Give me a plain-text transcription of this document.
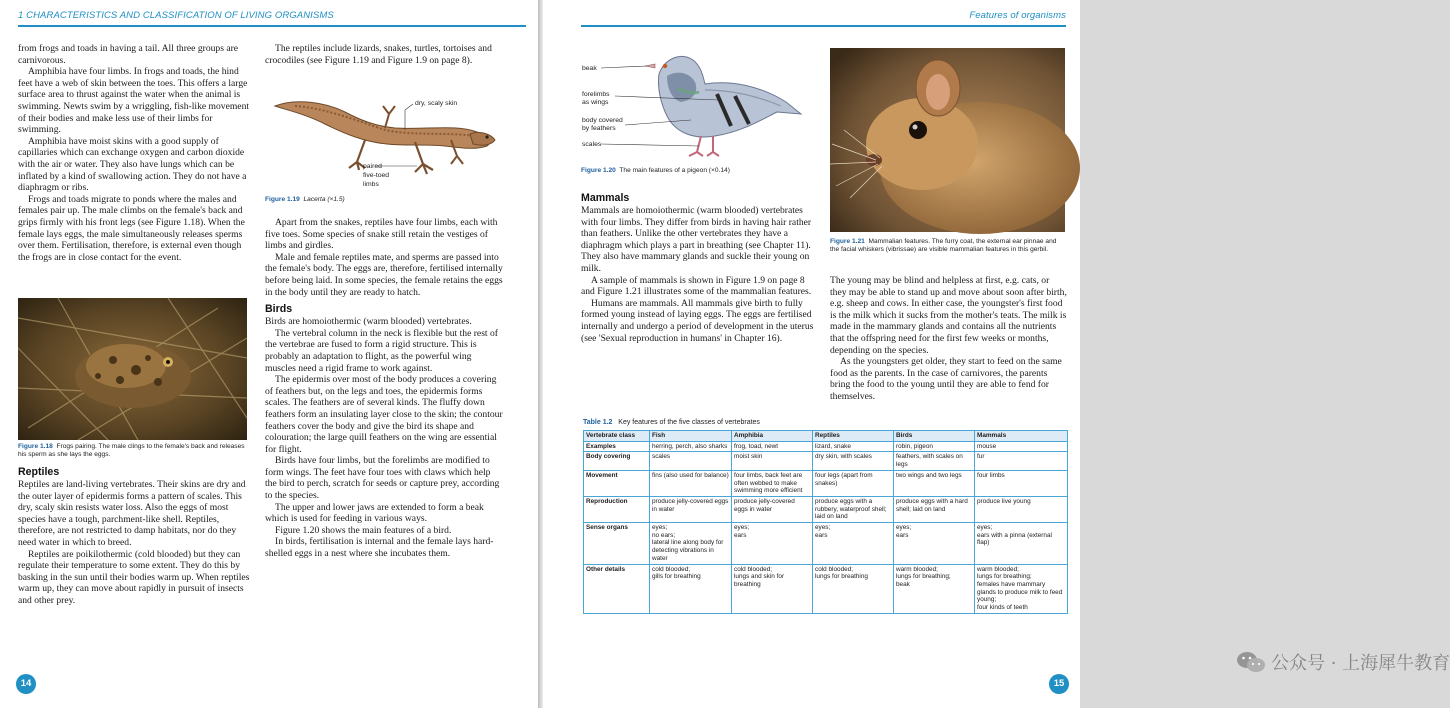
1 CHARACTERISTICS AND CLASSIFICATION OF LIVING ORGANISMS

from frogs and toads in having a tail. All three groups are carnivorous.

Amphibia have four limbs. In frogs and toads, the hind feet have a web of skin between the toes. This offers a large surface area to thrust against the water when the animal is swimming. Newts swim by a wriggling, fish-like movement of their bodies and make less use of their limbs for swimming.

Amphibia have moist skins with a good supply of capillaries which can exchange oxygen and carbon dioxide with the air or water. They also have lungs which can be inflated by a kind of swallowing action. They do not have a diaphragm or ribs.

Frogs and toads migrate to ponds where the males and females pair up. The male climbs on the female's back and grips firmly with his front legs (see Figure 1.18). When the female lays eggs, the male simultaneously releases sperms over them. Fertilisation, therefore, is external even though the frogs are in close contact for the event.

Figure 1.18 Frogs pairing. The male clings to the female's back and releases his sperm as she lays the eggs.
Reptiles

Reptiles are land-living vertebrates. Their skins are dry and the outer layer of epidermis forms a pattern of scales. This dry, scaly skin resists water loss. Also the eggs of most species have a tough, parchment-like shell. Reptiles, therefore, are not restricted to damp habitats, nor do they need water in which to breed.

Reptiles are poikilothermic (cold blooded) but they can regulate their temperature to some extent. They do this by basking in the sun until their bodies warm up. When reptiles warm up, they can move about rapidly in pursuit of insects and other prey.

The reptiles include lizards, snakes, turtles, tortoises and crocodiles (see Figure 1.19 and Figure 1.9 on page 8).

dry, scaly skin
paired
five-toed
limbs
Figure 1.19 Lacerta (×1.5)

Apart from the snakes, reptiles have four limbs, each with five toes. Some species of snake still retain the vestiges of limbs and girdles.

Male and female reptiles mate, and sperms are passed into the female's body. The eggs are, therefore, fertilised internally before being laid. In some species, the female retains the eggs in the body until they are ready to hatch.

Birds

Birds are homoiothermic (warm blooded) vertebrates.

The vertebral column in the neck is flexible but the rest of the vertebrae are fused to form a rigid structure. This is probably an adaptation to flight, as the powerful wing muscles need a rigid frame to work against.

The epidermis over most of the body produces a covering of feathers but, on the legs and toes, the epidermis forms scales. The feathers are of several kinds. The fluffy down feathers form an insulating layer close to the skin; the contour feathers cover the body and give the bird its shape and colouration; the large quill feathers on the wing are essential for flight.

Birds have four limbs, but the forelimbs are modified to form wings. The feet have four toes with claws which help the bird to perch, scratch for seeds or capture prey, according to the species.

The upper and lower jaws are extended to form a beak which is used for feeding in various ways.

Figure 1.20 shows the main features of a bird.

In birds, fertilisation is internal and the female lays hard-shelled eggs in a nest where she incubates them.

14
Features of organisms
beak
forelimbs
as wings
body covered
by feathers
scales
Figure 1.20 The main features of a pigeon (×0.14)
Mammals

Mammals are homoiothermic (warm blooded) vertebrates with four limbs. They differ from birds in having hair rather than feathers. Unlike the other vertebrates they have a diaphragm which plays a part in breathing (see Chapter 11). They also have mammary glands and suckle their young on milk.

A sample of mammals is shown in Figure 1.9 on page 8 and Figure 1.21 illustrates some of the mammalian features.

Humans are mammals. All mammals give birth to fully formed young instead of laying eggs. The eggs are fertilised internally and undergo a period of development in the uterus (see 'Sexual reproduction in humans' in Chapter 16).

Figure 1.21 Mammalian features. The furry coat, the external ear pinnae and the facial whiskers (vibrissae) are visible mammalian features in this gerbil.

The young may be blind and helpless at first, e.g. cats, or they may be able to stand up and move about soon after birth, e.g. sheep and cows. In either case, the youngster's first food is the milk which it sucks from the mother's teats. The milk is made in the mammary glands and contains all the nutrients that the offspring need for the first few weeks or months, depending on the species.

As the youngsters get older, they start to feed on the same food as the parents. In the case of carnivores, the parents bring the food to the young until they are able to fend for themselves.

Table 1.2 Key features of the five classes of vertebrates
Vertebrate class	Fish	Amphibia	Reptiles	Birds	Mammals
Examples	herring, perch, also sharks	frog, toad, newt	lizard, snake	robin, pigeon	mouse

Body covering	scales	moist skin	dry skin, with scales	feathers, with scales on legs	fur

Movement	fins (also used for balance)	four limbs, back feet are often webbed to make swimming more efficient	four legs (apart from snakes)	two wings and two legs	four limbs

Reproduction	produce jelly-covered eggs in water	produce jelly-covered eggs in water	produce eggs with a rubbery, waterproof shell; laid on land	produce eggs with a hard shell; laid on land	produce live young

Sense organs	eyes;
no ears;
lateral line along body for detecting vibrations in water	eyes;
ears	eyes;
ears	eyes;
ears	eyes;
ears with a pinna (external flap)

Other details	cold blooded;
gills for breathing	cold blooded;
lungs and skin for breathing	cold blooded;
lungs for breathing	warm blooded;
lungs for breathing;
beak	warm blooded;
lungs for breathing;
females have mammary glands to produce milk to feed young;
four kinds of teeth
公众号 · 上海犀牛教育
15
